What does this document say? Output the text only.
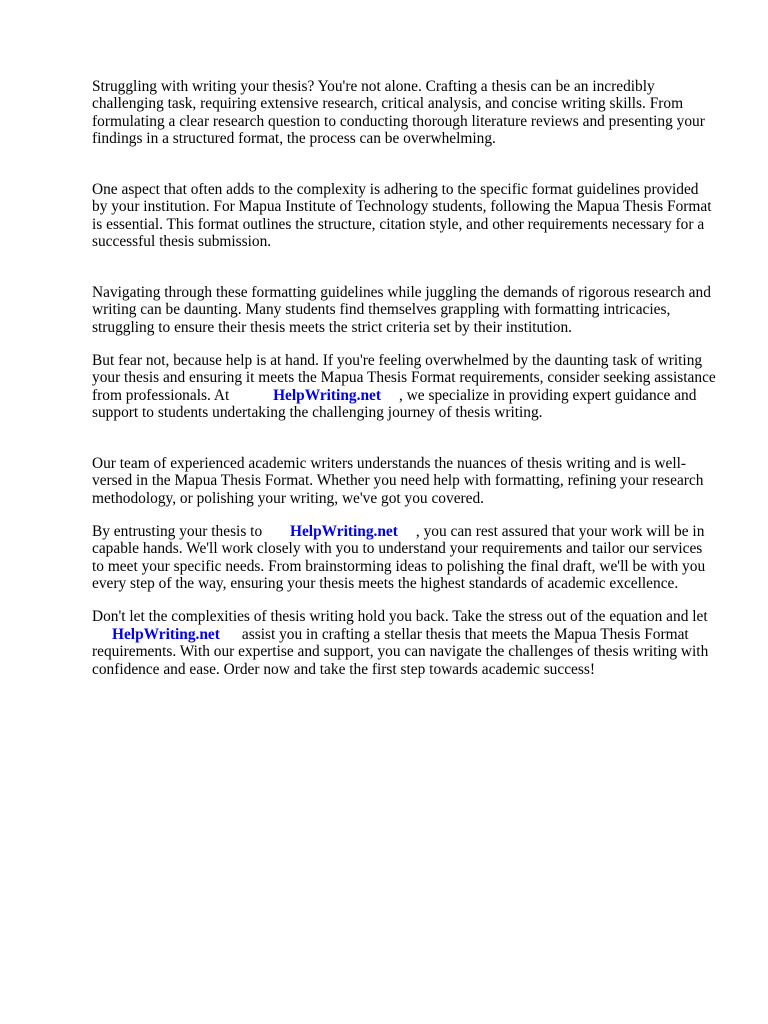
Struggling with writing your thesis? You're not alone. Crafting a thesis can be an incredibly
challenging task, requiring extensive research, critical analysis, and concise writing skills. From
formulating a clear research question to conducting thorough literature reviews and presenting your
findings in a structured format, the process can be overwhelming.

One aspect that often adds to the complexity is adhering to the specific format guidelines provided
by your institution. For Mapua Institute of Technology students, following the Mapua Thesis Format
is essential. This format outlines the structure, citation style, and other requirements necessary for a
successful thesis submission.

Navigating through these formatting guidelines while juggling the demands of rigorous research and
writing can be daunting. Many students find themselves grappling with formatting intricacies,
struggling to ensure their thesis meets the strict criteria set by their institution.

But fear not, because help is at hand. If you're feeling overwhelmed by the daunting task of writing
your thesis and ensuring it meets the Mapua Thesis Format requirements, consider seeking assistance
from professionals. At	HelpWriting.net , we specialize in providing expert guidance and
support to students undertaking the challenging journey of thesis writing.

Our team of experienced academic writers understands the nuances of thesis writing and is well-
versed in the Mapua Thesis Format. Whether you need help with formatting, refining your research
methodology, or polishing your writing, we've got you covered.

By entrusting your thesis to HelpWriting.net , you can rest assured that your work will be in
capable hands. We'll work closely with you to understand your requirements and tailor our services
to meet your specific needs. From brainstorming ideas to polishing the final draft, we'll be with you
every step of the way, ensuring your thesis meets the highest standards of academic excellence.

Don't let the complexities of thesis writing hold you back. Take the stress out of the equation and let
HelpWriting.net assist you in crafting a stellar thesis that meets the Mapua Thesis Format
requirements. With our expertise and support, you can navigate the challenges of thesis writing with
confidence and ease. Order now and take the first step towards academic success!
